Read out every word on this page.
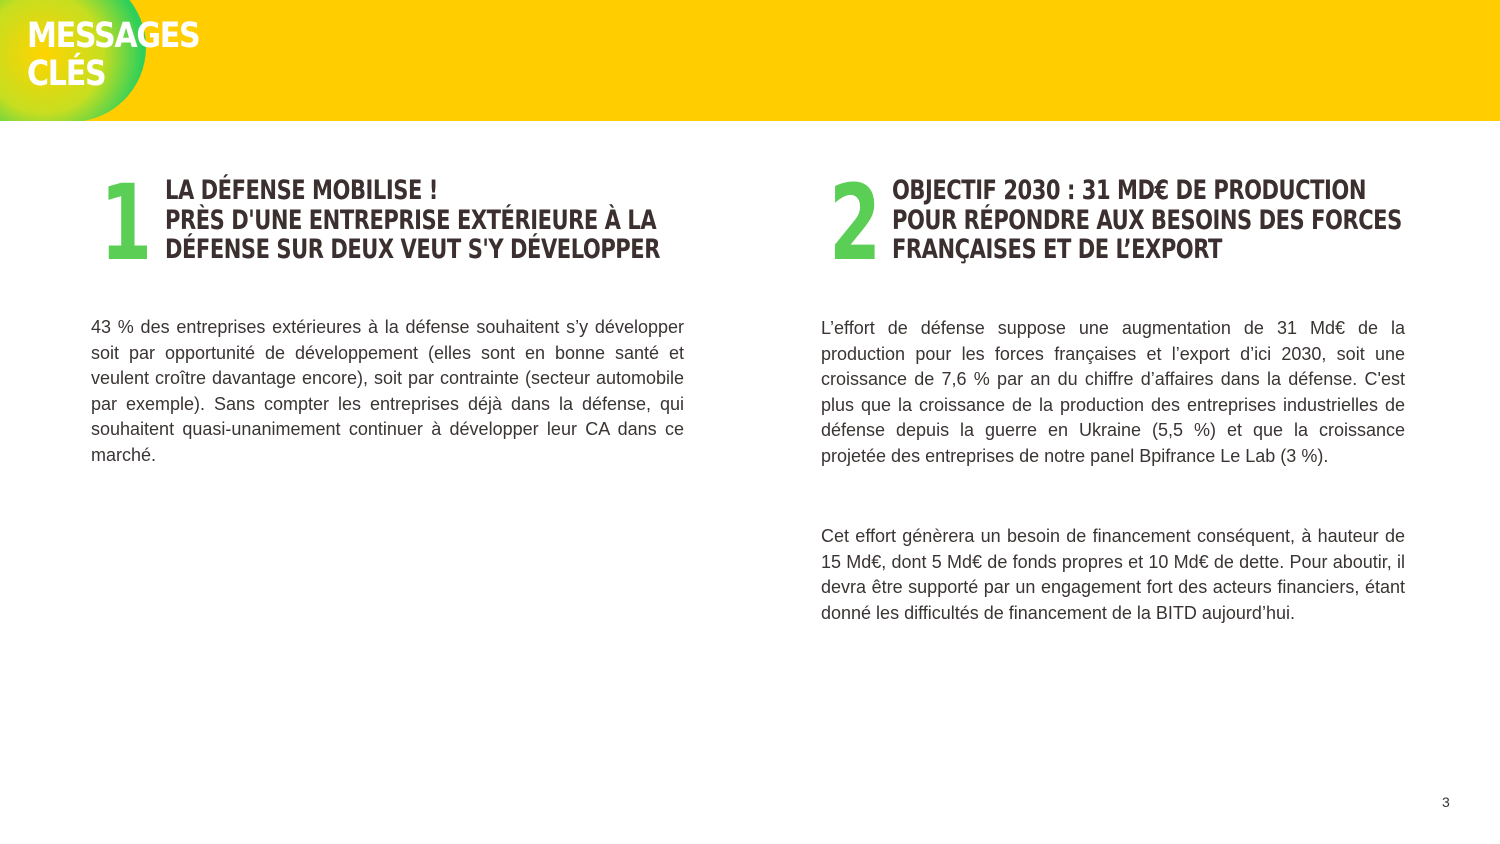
MESSAGES
CLÉS
1 LA DÉFENSE MOBILISE !
PRÈS D'UNE ENTREPRISE EXTÉRIEURE À LA
DÉFENSE SUR DEUX VEUT S'Y DÉVELOPPER

43 % des entreprises extérieures à la défense souhaitent s’y développer soit par opportunité de développement (elles sont en bonne santé et veulent croître davantage encore), soit par contrainte (secteur automobile par exemple). Sans compter les entreprises déjà dans la défense, qui souhaitent quasi-unanimement continuer à développer leur CA dans ce marché.

2 OBJECTIF 2030 : 31 MD€ DE PRODUCTION
POUR RÉPONDRE AUX BESOINS DES FORCES
FRANÇAISES ET DE L’EXPORT

L’effort de défense suppose une augmentation de 31 Md€ de la production pour les forces françaises et l’export d’ici 2030, soit une croissance de 7,6 % par an du chiffre d’affaires dans la défense. C'est plus que la croissance de la production des entreprises industrielles de défense depuis la guerre en Ukraine (5,5 %) et que la croissance projetée des entreprises de notre panel Bpifrance Le Lab (3 %).

Cet effort génèrera un besoin de financement conséquent, à hauteur de 15 Md€, dont 5 Md€ de fonds propres et 10 Md€ de dette. Pour aboutir, il devra être supporté par un engagement fort des acteurs financiers, étant donné les difficultés de financement de la BITD aujourd’hui.

3
